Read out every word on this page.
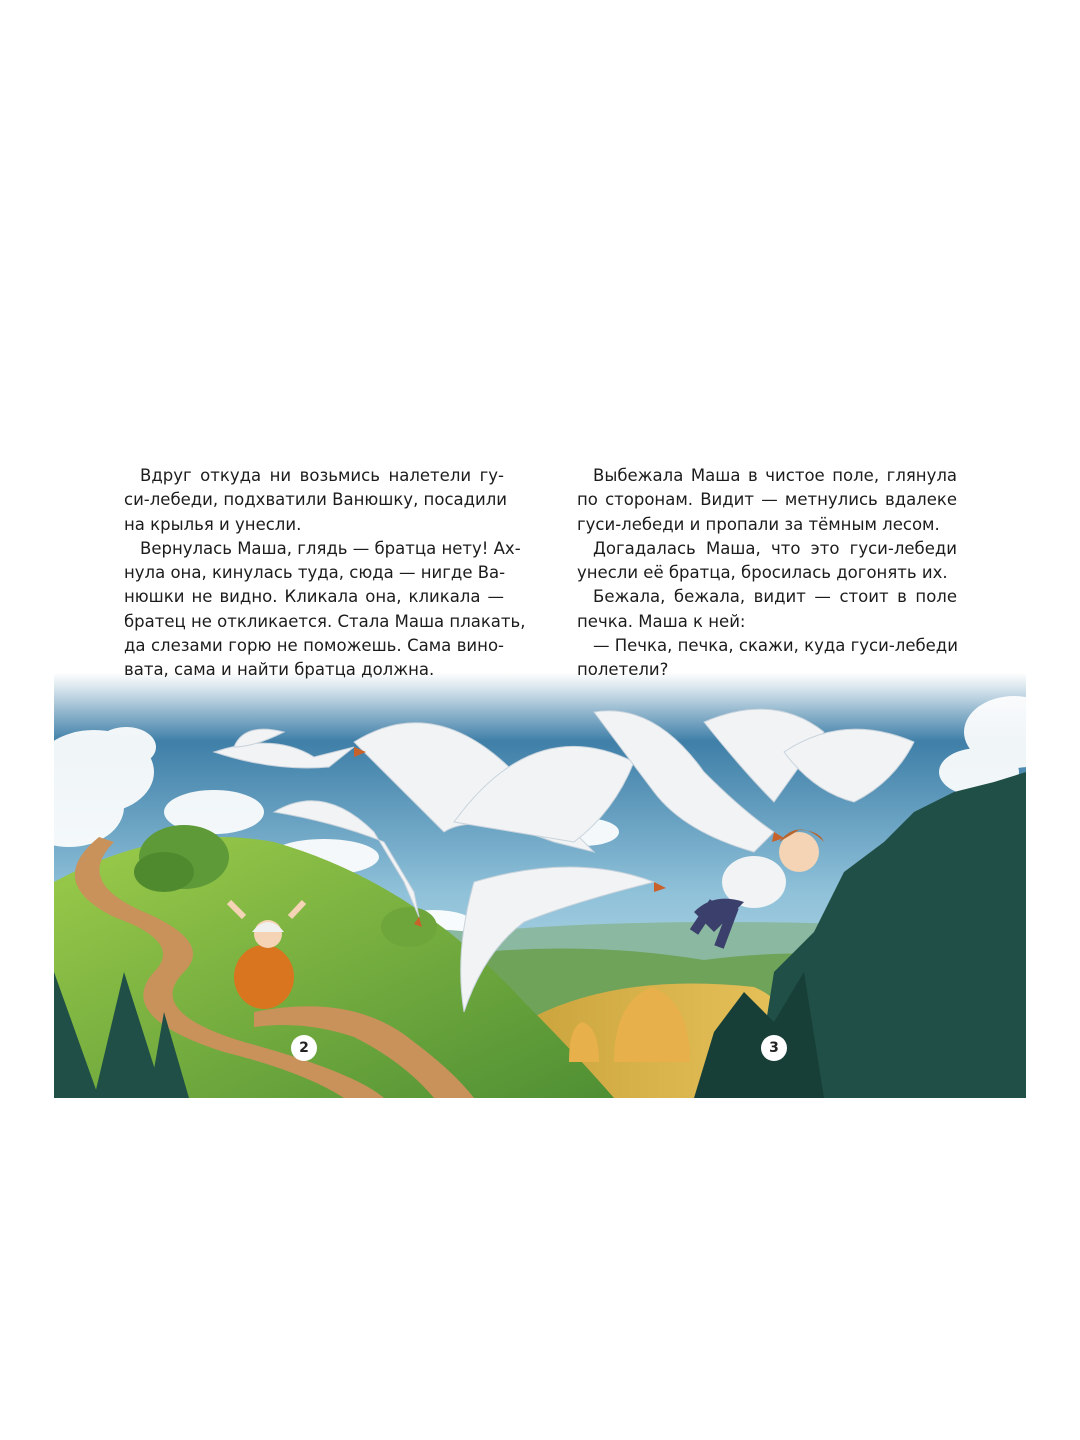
Вдруг откуда ни возьмись налетели гу-
си-лебеди, подхватили Ванюшку, посадили
на крылья и унесли.
Вернулась Маша, глядь — братца нету! Ах-
нула она, кинулась туда, сюда — нигде Ва-
нюшки не видно. Кликала она, кликала —
братец не откликается. Стала Маша плакать,
да слезами горю не поможешь. Сама вино-
вата, сама и найти братца должна.
Выбежала Маша в чистое поле, глянула
по сторонам. Видит — метнулись вдалеке
гуси-лебеди и пропали за тёмным лесом.
Догадалась Маша, что это гуси-лебеди
унесли её братца, бросилась догонять их.
Бежала, бежала, видит — стоит в поле
печка. Маша к ней:
— Печка, печка, скажи, куда гуси-лебеди
полетели?
2	3
